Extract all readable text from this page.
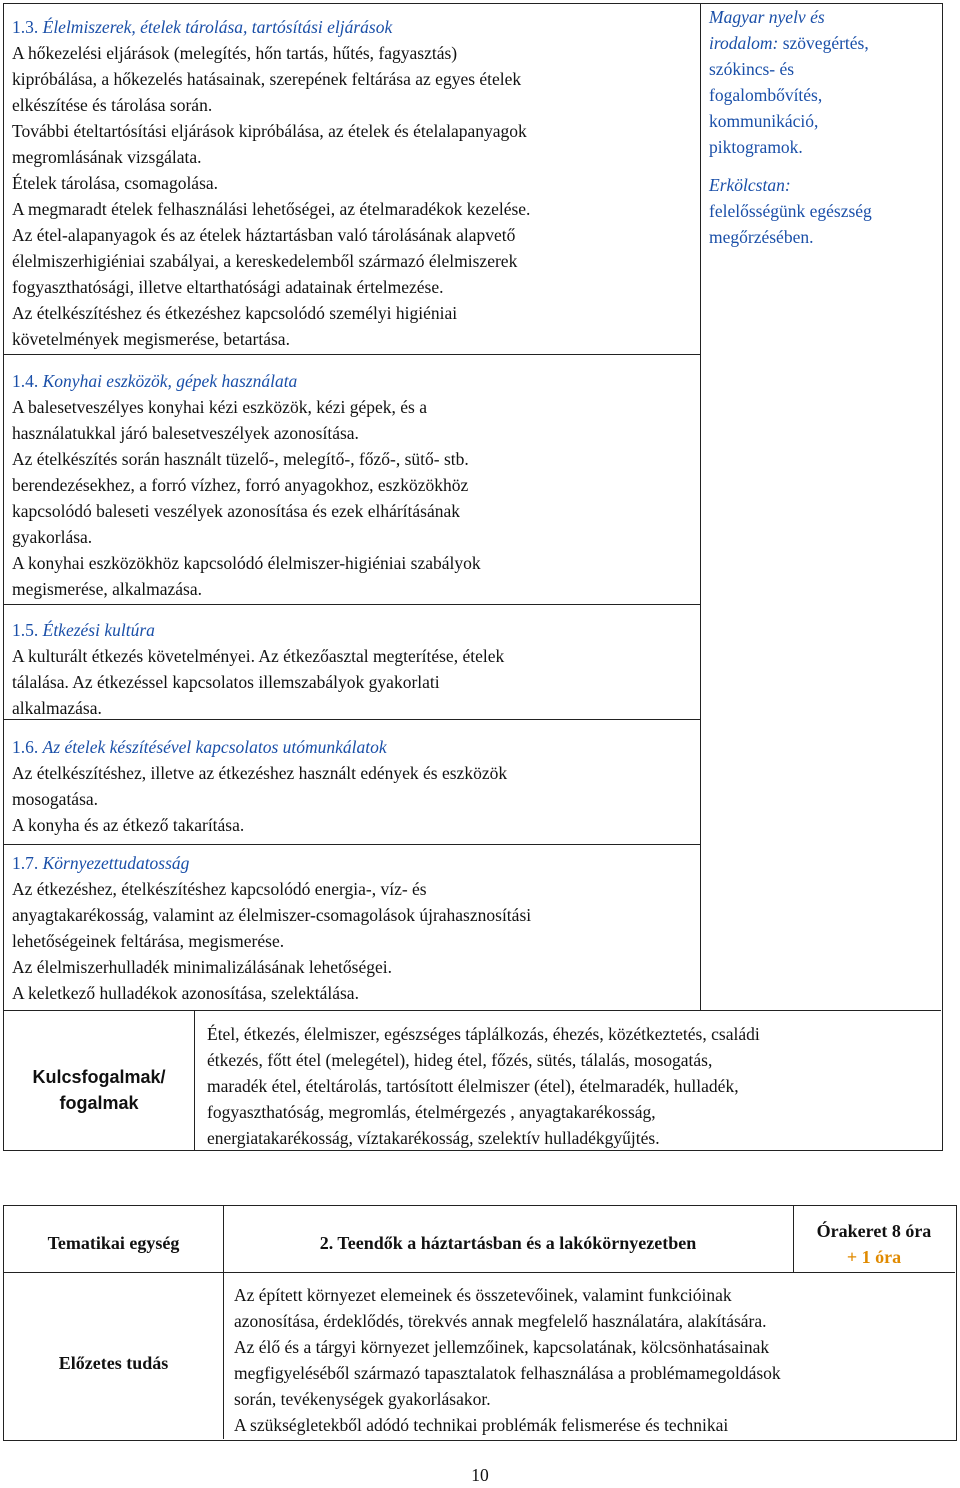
1.3. Élelmiszerek, ételek tárolása, tartósítási eljárások

A hőkezelési eljárások (melegítés, hőn tartás, hűtés, fagyasztás)

kipróbálása, a hőkezelés hatásainak, szerepének feltárása az egyes ételek

elkészítése és tárolása során.

További ételtartósítási eljárások kipróbálása, az ételek és ételalapanyagok

megromlásának vizsgálata.

Ételek tárolása, csomagolása.

A megmaradt ételek felhasználási lehetőségei, az ételmaradékok kezelése.

Az étel-alapanyagok és az ételek háztartásban való tárolásának alapvető

élelmiszerhigiéniai szabályai, a kereskedelemből származó élelmiszerek

fogyaszthatósági, illetve eltarthatósági adatainak értelmezése.

Az ételkészítéshez és étkezéshez kapcsolódó személyi higiéniai

követelmények megismerése, betartása.

1.4. Konyhai eszközök, gépek használata

A balesetveszélyes konyhai kézi eszközök, kézi gépek, és a

használatukkal járó balesetveszélyek azonosítása.

Az ételkészítés során használt tüzelő-, melegítő-, főző-, sütő- stb.

berendezésekhez, a forró vízhez, forró anyagokhoz, eszközökhöz

kapcsolódó baleseti veszélyek azonosítása és ezek elhárításának

gyakorlása.

A konyhai eszközökhöz kapcsolódó élelmiszer-higiéniai szabályok

megismerése, alkalmazása.

1.5. Étkezési kultúra

A kulturált étkezés követelményei. Az étkezőasztal megterítése, ételek

tálalása. Az étkezéssel kapcsolatos illemszabályok gyakorlati

alkalmazása.

1.6. Az ételek készítésével kapcsolatos utómunkálatok

Az ételkészítéshez, illetve az étkezéshez használt edények és eszközök

mosogatása.

A konyha és az étkező takarítása.

1.7. Környezettudatosság

Az étkezéshez, ételkészítéshez kapcsolódó energia-, víz- és

anyagtakarékosság, valamint az élelmiszer-csomagolások újrahasznosítási

lehetőségeinek feltárása, megismerése.

Az élelmiszerhulladék minimalizálásának lehetőségei.

A keletkező hulladékok azonosítása, szelektálása.

Magyar nyelv és

irodalom: szövegértés,

szókincs- és

fogalombővítés,

kommunikáció,

piktogramok.

Erkölcstan:

felelősségünk egészség

megőrzésében.

Kulcsfogalmak/

fogalmak

Étel, étkezés, élelmiszer, egészséges táplálkozás, éhezés, közétkeztetés, családi

étkezés, főtt étel (melegétel), hideg étel, főzés, sütés, tálalás, mosogatás,

maradék étel, ételtárolás, tartósított élelmiszer (étel), ételmaradék, hulladék,

fogyaszthatóság, megromlás, ételmérgezés , anyagtakarékosság,

energiatakarékosság, víztakarékosság, szelektív hulladékgyűjtés.

Tematikai egység	2. Teendők a háztartásban és a lakókörnyezetben

Órakeret 8 óra

+ 1 óra

Előzetes tudás

Az épített környezet elemeinek és összetevőinek, valamint funkcióinak

azonosítása, érdeklődés, törekvés annak megfelelő használatára, alakítására.

Az élő és a tárgyi környezet jellemzőinek, kapcsolatának, kölcsönhatásainak

megfigyeléséből származó tapasztalatok felhasználása a problémamegoldások

során, tevékenységek gyakorlásakor.

A szükségletekből adódó technikai problémák felismerése és technikai

10
